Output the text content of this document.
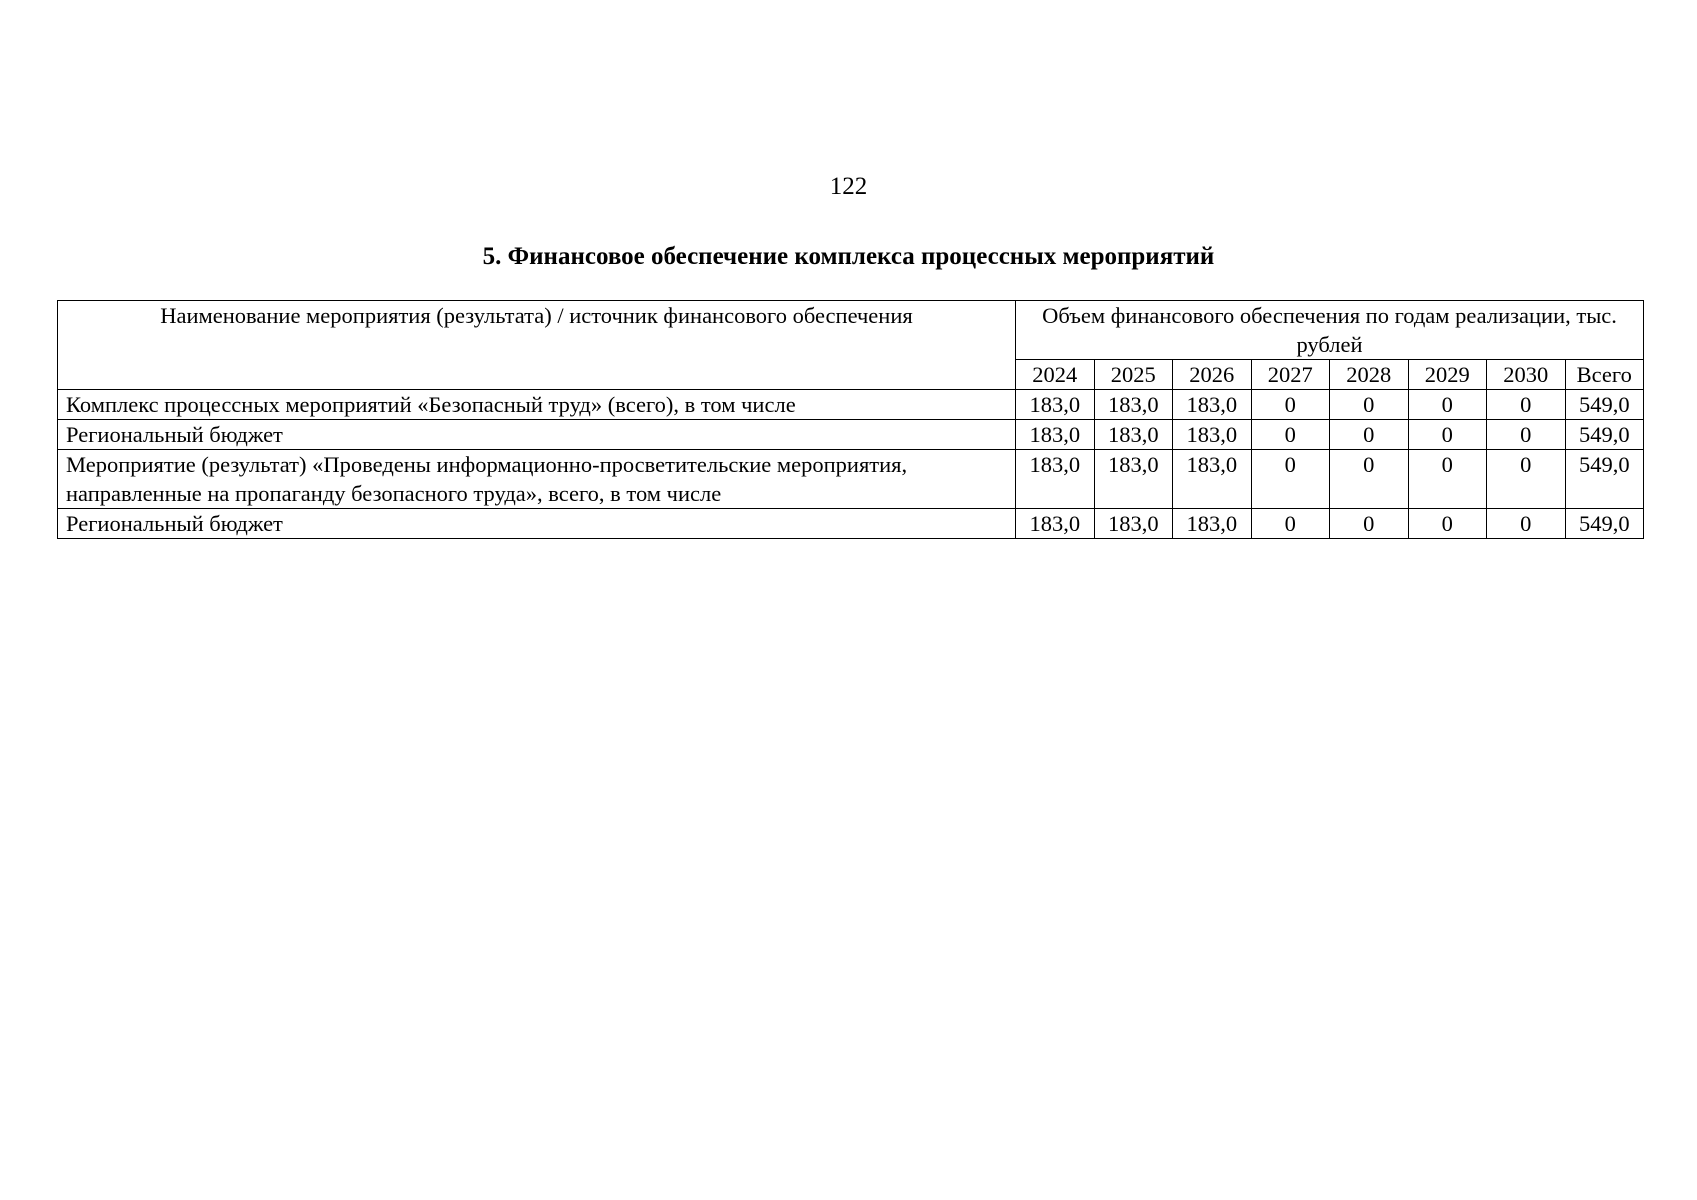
122
5. Финансовое обеспечение комплекса процессных мероприятий
Наименование мероприятия (результата) / источник финансового обеспечения	Объем финансового обеспечения по годам реализации, тыс. рублей							
	2024	2025	2026	2027	2028	2029	2030	Всего
Комплекс процессных мероприятий «Безопасный труд» (всего), в том числе	183,0	183,0	183,0	0	0	0	0	549,0
Региональный бюджет	183,0	183,0	183,0	0	0	0	0	549,0
Мероприятие (результат) «Проведены информационно-просветительские мероприятия, направленные на пропаганду безопасного труда», всего, в том числе	183,0	183,0	183,0	0	0	0	0	549,0
Региональный бюджет	183,0	183,0	183,0	0	0	0	0	549,0
